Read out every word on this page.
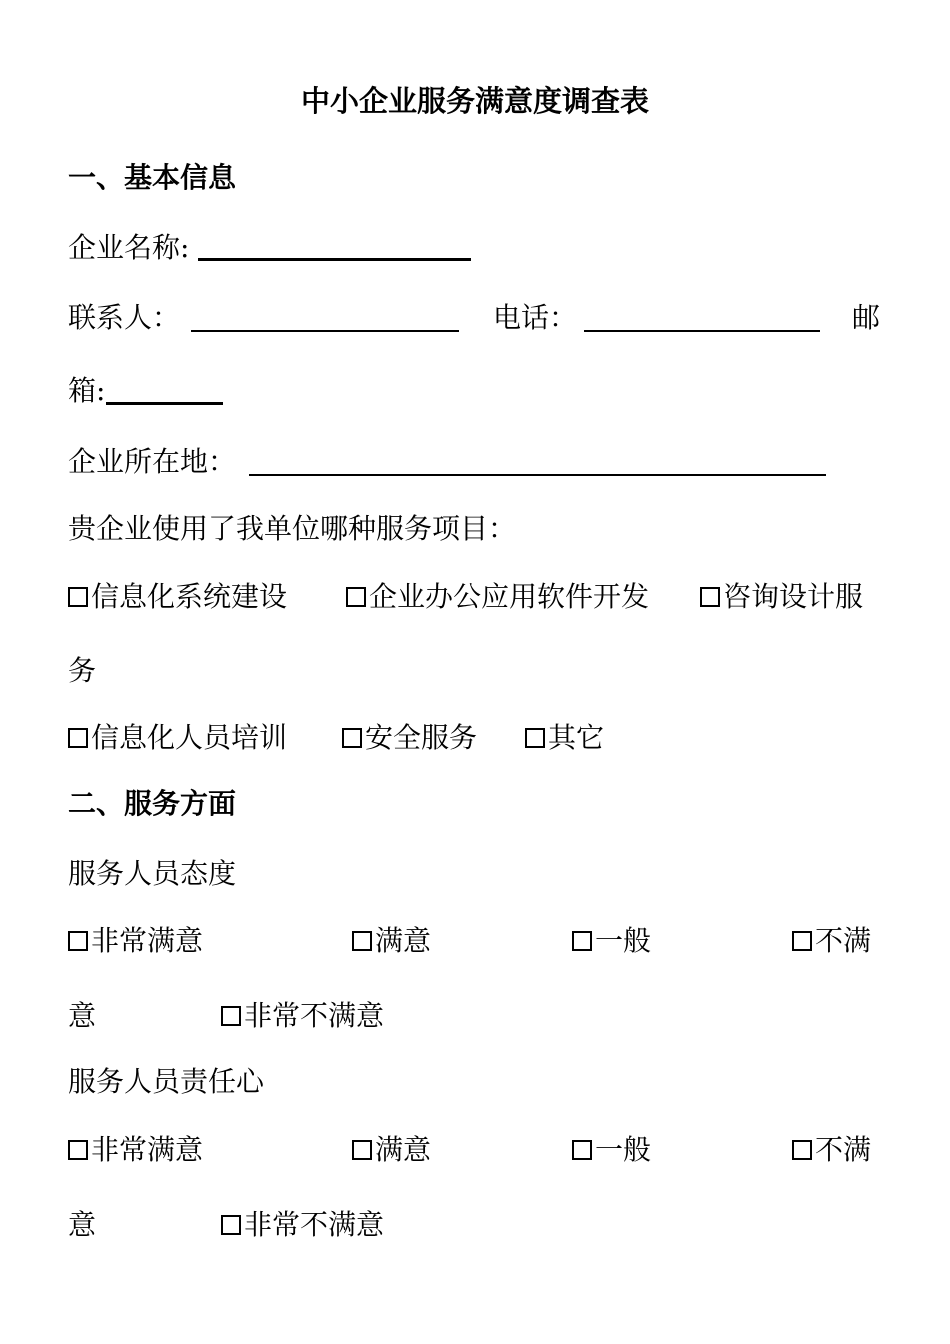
中小企业服务满意度调查表
一、基本信息
企业名称:
联系人：	电话：	邮
箱:
企业所在地：
贵企业使用了我单位哪种服务项目：
信息化系统建设	企业办公应用软件开发	咨询设计服
务
信息化人员培训	安全服务	其它
二、服务方面
服务人员态度
非常满意	满意	一般	不满
意	非常不满意
服务人员责任心
非常满意	满意	一般	不满
意	非常不满意
